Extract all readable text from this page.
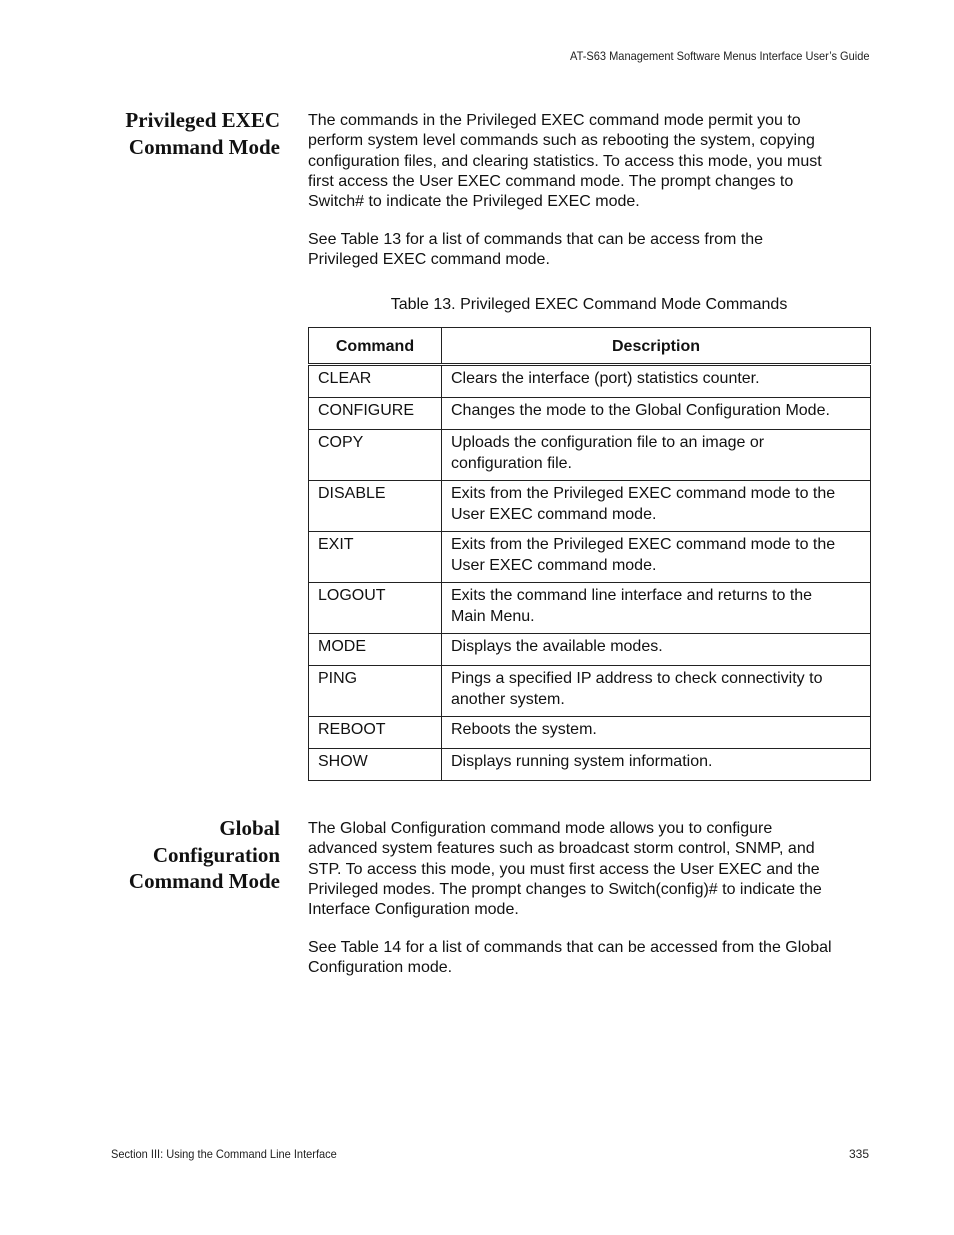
AT-S63 Management Software Menus Interface User’s Guide
Privileged EXEC
Command Mode
The commands in the Privileged EXEC command mode permit you to
perform system level commands such as rebooting the system, copying
configuration files, and clearing statistics. To access this mode, you must
first access the User EXEC command mode. The prompt changes to
Switch# to indicate the Privileged EXEC mode.
See Table 13 for a list of commands that can be access from the
Privileged EXEC command mode.
Table 13. Privileged EXEC Command Mode Commands
Command	Description

CLEAR	Clears the interface (port) statistics counter.

CONFIGURE	Changes the mode to the Global Configuration Mode.

COPY	Uploads the configuration file to an image or
configuration file.

DISABLE	Exits from the Privileged EXEC command mode to the
User EXEC command mode.

EXIT	Exits from the Privileged EXEC command mode to the
User EXEC command mode.

LOGOUT	Exits the command line interface and returns to the
Main Menu.

MODE	Displays the available modes.

PING	Pings a specified IP address to check connectivity to
another system.

REBOOT	Reboots the system.

SHOW	Displays running system information.
Global
Configuration
Command Mode
The Global Configuration command mode allows you to configure
advanced system features such as broadcast storm control, SNMP, and
STP. To access this mode, you must first access the User EXEC and the
Privileged modes. The prompt changes to Switch(config)# to indicate the
Interface Configuration mode.
See Table 14 for a list of commands that can be accessed from the Global
Configuration mode.
Section III: Using the Command Line Interface	335
